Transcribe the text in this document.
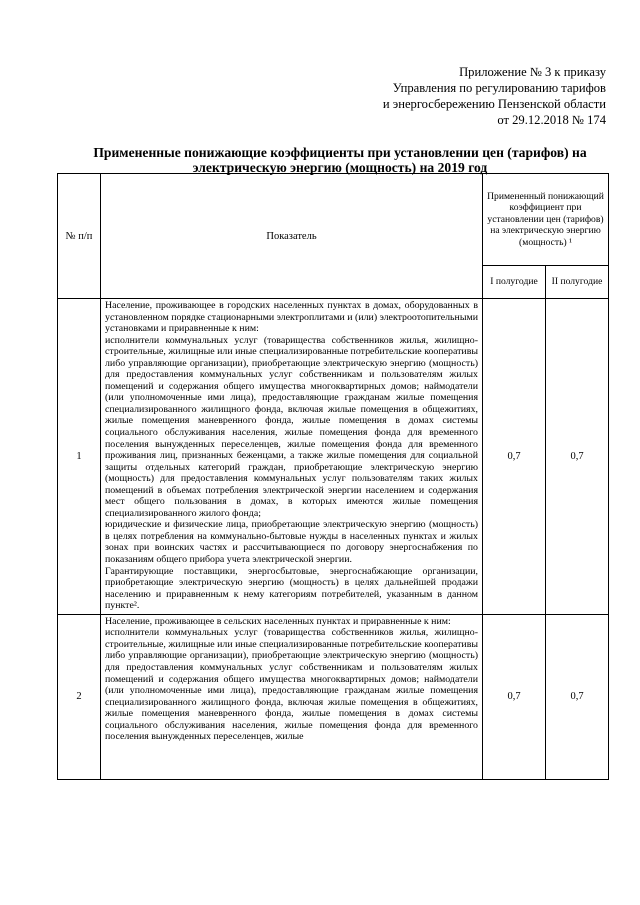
Приложение № 3 к приказу
Управления по регулированию тарифов
и энергосбережению Пензенской области
от 29.12.2018 № 174
Примененные понижающие коэффициенты при установлении цен (тарифов) на
электрическую энергию (мощность) на 2019 год
№ п/п	Показатель	Примененный понижающий коэффициент при установлении цен (тарифов) на электрическую энергию (мощность) ¹	
		I полугодие	II полугодие
1	Население, проживающее в городских населенных пунктах в домах, оборудованных в установленном порядке стационарными электроплитами и (или) электроотопительными установками и приравненные к ним:

исполнители коммунальных услуг (товарищества собственников жилья, жилищно-строительные, жилищные или иные специализированные потребительские кооперативы либо управляющие организации), приобретающие электрическую энергию (мощность) для предоставления коммунальных услуг собственникам и пользователям жилых помещений и содержания общего имущества многоквартирных домов; наймодатели (или уполномоченные ими лица), предоставляющие гражданам жилые помещения специализированного жилищного фонда, включая жилые помещения в общежитиях, жилые помещения маневренного фонда, жилые помещения в домах системы социального обслуживания населения, жилые помещения фонда для временного поселения вынужденных переселенцев, жилые помещения фонда для временного проживания лиц, признанных беженцами, а также жилые помещения для социальной защиты отдельных категорий граждан, приобретающие электрическую энергию (мощность) для предоставления коммунальных услуг пользователям таких жилых помещений в объемах потребления электрической энергии населением и содержания мест общего пользования в домах, в которых имеются жилые помещения специализированного жилого фонда;

юридические и физические лица, приобретающие электрическую энергию (мощность) в целях потребления на коммунально-бытовые нужды в населенных пунктах и жилых зонах при воинских частях и рассчитывающиеся по договору энергоснабжения по показаниям общего прибора учета электрической энергии.

Гарантирующие поставщики, энергосбытовые, энергоснабжающие организации, приобретающие электрическую энергию (мощность) в целях дальнейшей продажи населению и приравненным к нему категориям потребителей, указанным в данном пункте².	0,7	0,7
2	Население, проживающее в сельских населенных пунктах и приравненные к ним:

исполнители коммунальных услуг (товарищества собственников жилья, жилищно-строительные, жилищные или иные специализированные потребительские кооперативы либо управляющие организации), приобретающие электрическую энергию (мощность) для предоставления коммунальных услуг собственникам и пользователям жилых помещений и содержания общего имущества многоквартирных домов; наймодатели (или уполномоченные ими лица), предоставляющие гражданам жилые помещения специализированного жилищного фонда, включая жилые помещения в общежитиях, жилые помещения маневренного фонда, жилые помещения в домах системы социального обслуживания населения, жилые помещения фонда для временного поселения вынужденных переселенцев, жилые	0,7	0,7
